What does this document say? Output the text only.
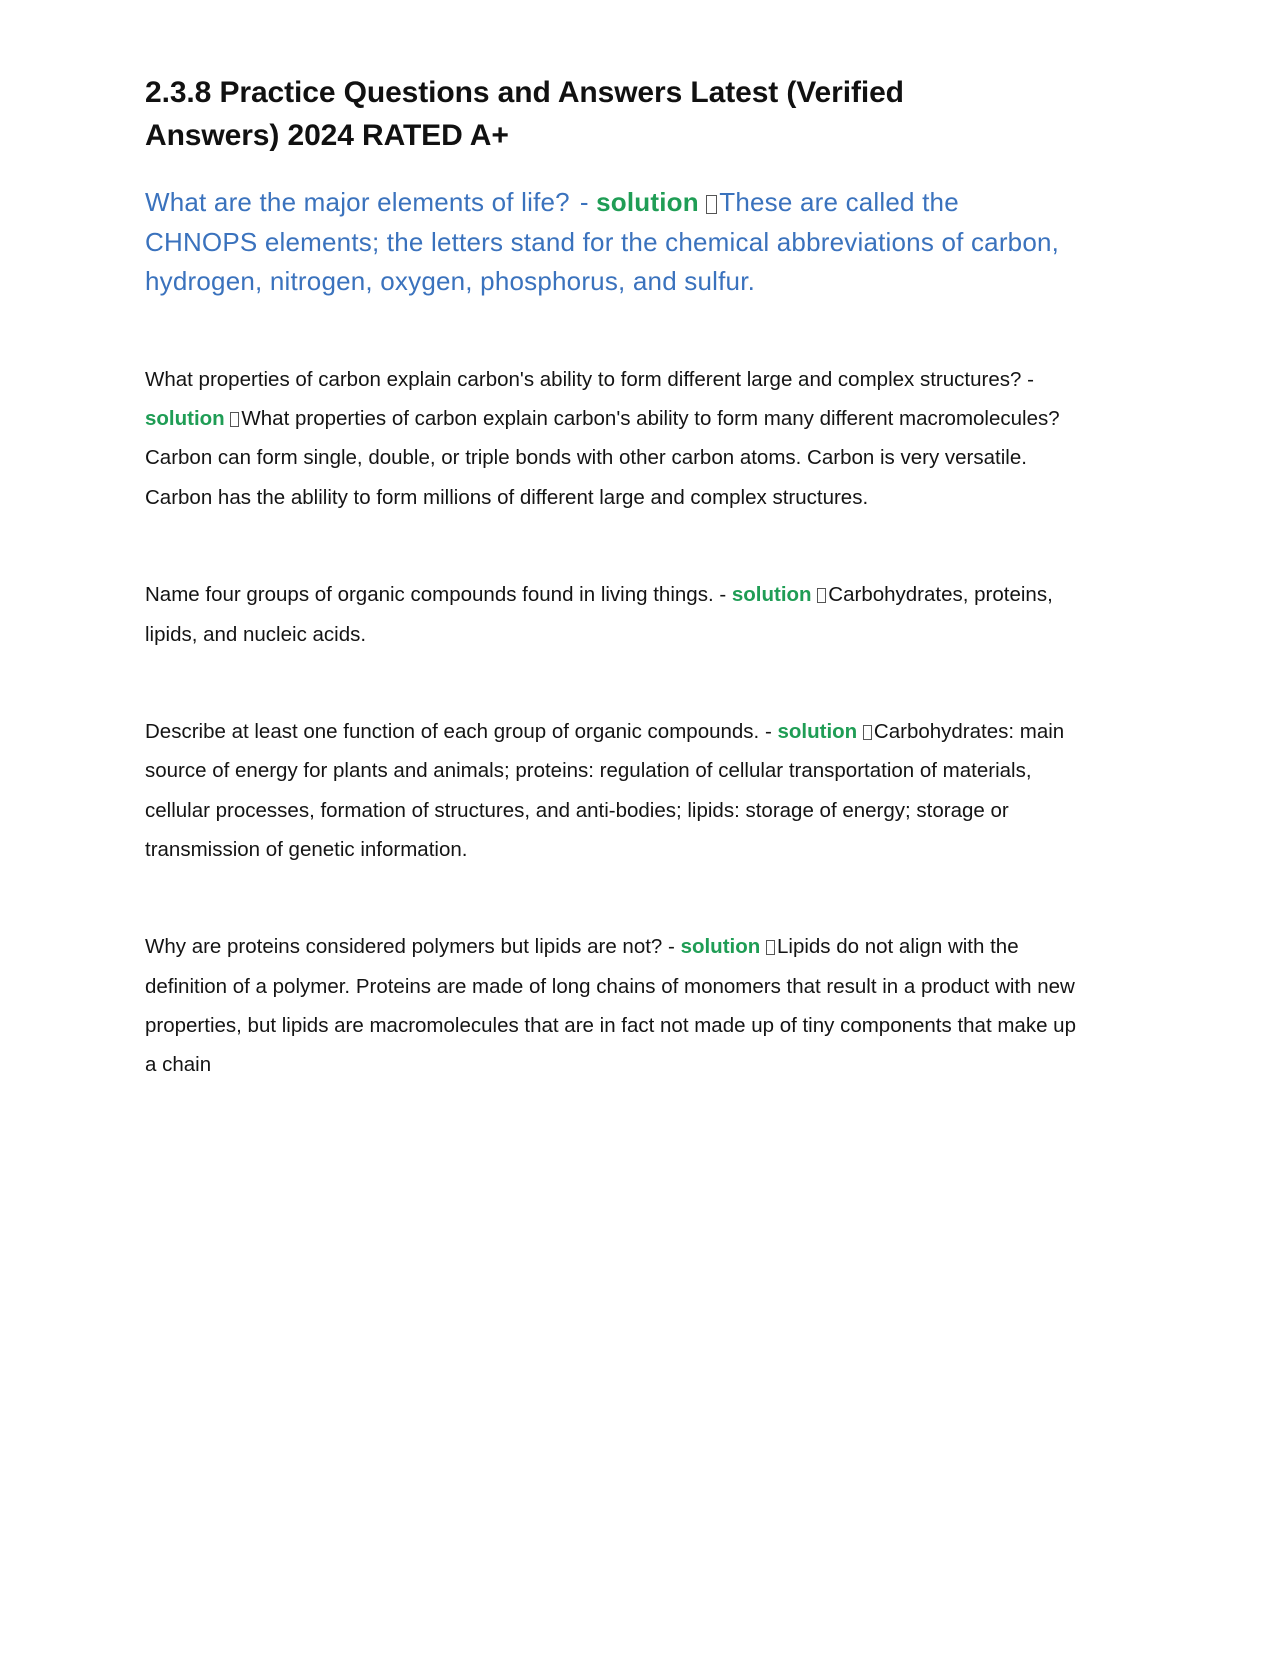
2.3.8 Practice Questions and Answers Latest (Verified Answers) 2024 RATED A+

What are the major elements of life? - solution These are called the CHNOPS elements; the letters stand for the chemical abbreviations of carbon, hydrogen, nitrogen, oxygen, phosphorus, and sulfur.

What properties of carbon explain carbon's ability to form different large and complex structures? - solution What properties of carbon explain carbon's ability to form many different macromolecules? Carbon can form single, double, or triple bonds with other carbon atoms. Carbon is very versatile. Carbon has the ablility to form millions of different large and complex structures.

Name four groups of organic compounds found in living things. - solution Carbohydrates, proteins, lipids, and nucleic acids.

Describe at least one function of each group of organic compounds. - solution Carbohydrates: main source of energy for plants and animals; proteins: regulation of cellular transportation of materials, cellular processes, formation of structures, and anti-bodies; lipids: storage of energy; storage or transmission of genetic information.

Why are proteins considered polymers but lipids are not? - solution Lipids do not align with the definition of a polymer. Proteins are made of long chains of monomers that result in a product with new properties, but lipids are macromolecules that are in fact not made up of tiny components that make up a chain
